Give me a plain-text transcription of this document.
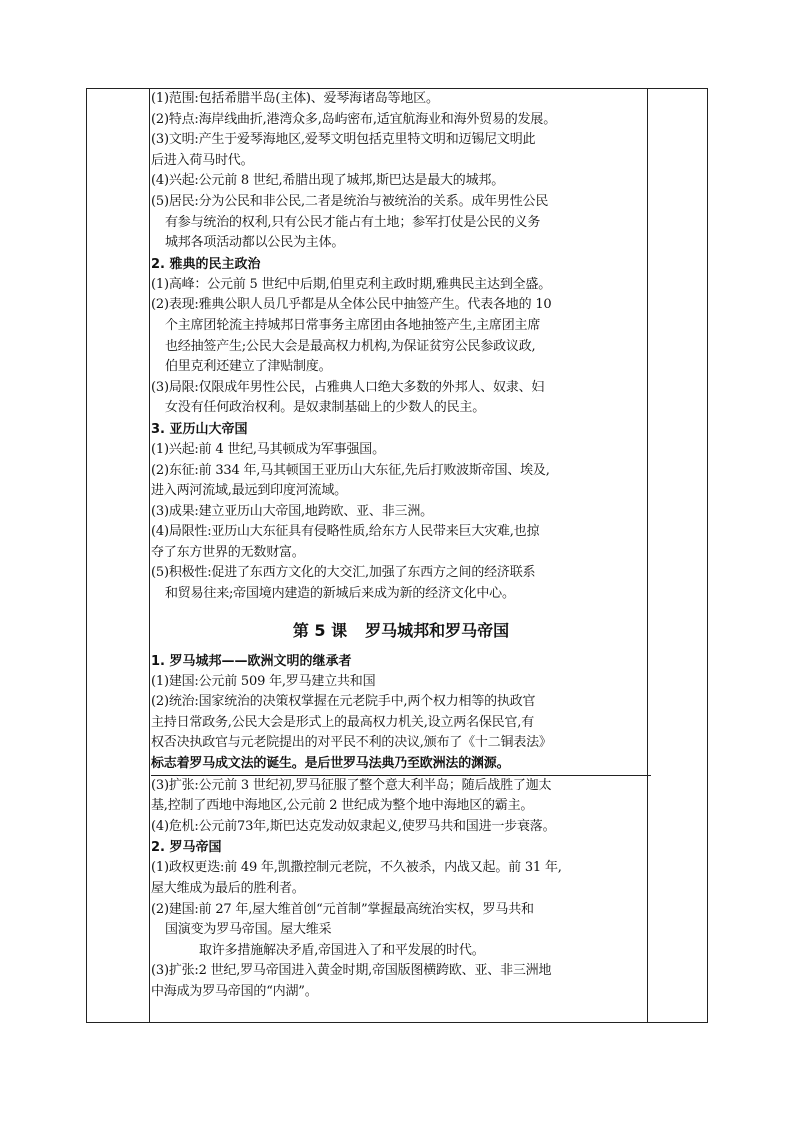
(1)范围:包括希腊半岛(主体)、爱琴海诸岛等地区。
(2)特点:海岸线曲折,港湾众多,岛屿密布,适宜航海业和海外贸易的发展。
(3)文明:产生于爱琴海地区,爱琴文明包括克里特文明和迈锡尼文明此
后进入荷马时代。
(4)兴起:公元前 8 世纪,希腊出现了城邦,斯巴达是最大的城邦。
(5)居民:分为公民和非公民,二者是统治与被统治的关系。成年男性公民
有参与统治的权利,只有公民才能占有土地；参军打仗是公民的义务
城邦各项活动都以公民为主体。
2. 雅典的民主政治
(1)高峰：公元前 5 世纪中后期,伯里克利主政时期,雅典民主达到全盛。
(2)表现:雅典公职人员几乎都是从全体公民中抽签产生。代表各地的 10
个主席团轮流主持城邦日常事务主席团由各地抽签产生,主席团主席
也经抽签产生;公民大会是最高权力机构,为保证贫穷公民参政议政,
伯里克利还建立了津贴制度。
(3)局限:仅限成年男性公民，占雅典人口绝大多数的外邦人、奴隶、妇
女没有任何政治权利。是奴隶制基础上的少数人的民主。
3. 亚历山大帝国
(1)兴起:前 4 世纪,马其顿成为军事强国。
(2)东征:前 334 年,马其顿国王亚历山大东征,先后打败波斯帝国、埃及,
进入两河流域,最远到印度河流域。
(3)成果:建立亚历山大帝国,地跨欧、亚、非三洲。
(4)局限性:亚历山大东征具有侵略性质,给东方人民带来巨大灾难,也掠
夺了东方世界的无数财富。
(5)积极性:促进了东西方文化的大交汇,加强了东西方之间的经济联系
和贸易往来;帝国境内建造的新城后来成为新的经济文化中心。
第 5 课 罗马城邦和罗马帝国
1. 罗马城邦——欧洲文明的继承者
(1)建国:公元前 509 年,罗马建立共和国
(2)统治:国家统治的决策权掌握在元老院手中,两个权力相等的执政官
主持日常政务,公民大会是形式上的最高权力机关,设立两名保民官,有
权否决执政官与元老院提出的对平民不利的决议,颁布了《十二铜表法》
标志着罗马成文法的诞生。是后世罗马法典乃至欧洲法的渊源。
(3)扩张:公元前 3 世纪初,罗马征服了整个意大利半岛；随后战胜了迦太
基,控制了西地中海地区,公元前 2 世纪成为整个地中海地区的霸主。
(4)危机:公元前73年,斯巴达克发动奴隶起义,使罗马共和国进一步衰落。
2. 罗马帝国
(1)政权更迭:前 49 年,凯撒控制元老院，不久被杀，内战又起。前 31 年,
屋大维成为最后的胜利者。
(2)建国:前 27 年,屋大维首创“元首制”掌握最高统治实权，罗马共和
国演变为罗马帝国。屋大维采
取许多措施解决矛盾,帝国进入了和平发展的时代。
(3)扩张:2 世纪,罗马帝国进入黄金时期,帝国版图横跨欧、亚、非三洲地
中海成为罗马帝国的“内湖”。
